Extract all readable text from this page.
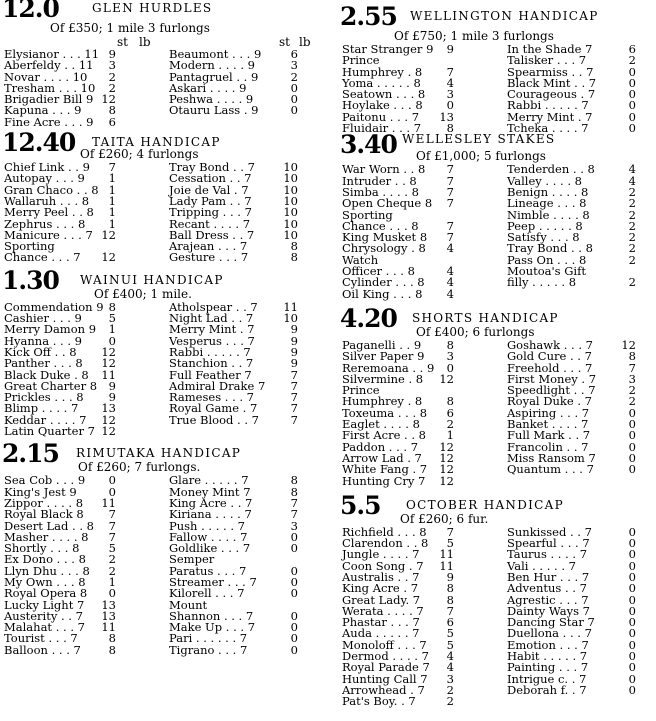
12.0	GLEN HURDLES
Of £350; 1 mile 3 furlongs
st lb	st lb
Elysianor . . . 11 9	Beaumont . . . 9	6
Aberfeldy . . 11	3	Modern . . . . 9	3
Novar . . . . 10	2	Pantagruel . . 9	2
Tresham . . . 10	2	Askari . . . . 9	0
Brigadier Bill 9 12	Peshwa . . . . 9	0
Kapuna . . . 9	8	Otauru Lass . 9	0
Fine Acre . . . 9	6
12.40 TAITA HANDICAP
Of £260; 4 furlongs
Chief Link . . 9	7	Tray Bond . . 7 10
Autopay . . . 9	1	Cessation . . 7	10
Gran Chaco . . 8 1	Joie de Val . 7	10
Wallaruh . . . 8	1	Lady Pam . . 7	10
Merry Peel . . 8	1	Tripping . . . 7	10
Zephrus . . . 8	1	Recant . . . . 7	10
Manicure . . . 7 12	Ball Dress . . 7	10
Sporting	Arajean . . . 7	8
Chance . . . 7 12	Gesture . . . 7	8
1.30 WAINUI HANDICAP
Of £400; 1 mile.
Commendation 9 8	Atholspear . . 7 11
Cashier . . . 9	5	Night Lad . . 7	10
Merry Damon 9	1	Merry Mint . 7	9
Hyanna . . . 9	0	Vesperus . . . 7	9
Kick Off . . 8 12	Rabbi . . . . . 7	9
Panther . . . 8 12	Stanchion . . 7	9
Black Duke . 8 11	Full Feather 7	7
Great Charter 8	9	Admiral Drake 7	7
Prickles . . . 8	9	Rameses . . . 7	7
Blimp . . . . 7 13	Royal Game . 7	7
Keddar . . . . 7 12	True Blood . . 7	7
Latin Quarter 7 12
2.15 RIMUTAKA HANDICAP
Of £260; 7 furlongs.
Sea Cob . . . 9	0	Glare . . . . . 7	8
King's Jest 9	0	Money Mint 7	8
Zippor . . . . 8 11	King Acre . . 7	7
Royal Black 8	7	Kiriana . . . . 7	7
Desert Lad . . 8	7	Push . . . . . 7	3
Masher . . . . 8	7	Fallow . . . . 7	0
Shortly . . . 8	5	Goldlike . . . 7	0
Ex Dono . . . 8	2	Semper
Llyn Dhu . . . 8	2	Paratus . . . 7	0
My Own . . . 8	1	Streamer . . . 7	0
Royal Opera 8	0	Kilorell . . . 7	0
Lucky Light 7 13	Mount
Austerity . . 7 13	Shannon . . . 7	0
Malahat . . . 7 11	Make Up . . . 7	0
Tourist . . . 7	8	Pari . . . . . . 7	0
Balloon . . . 7	8	Tigrano . . . 7	0
2.55 WELLINGTON HANDICAP
Of £750; 1 mile 3 furlongs
Star Stranger 9	9	In the Shade 7	6
Prince	Talisker . . . 7	2
Humphrey . 8	7	Spearmiss . . 7	0
Yoma . . . . . 8	4	Black Mint . . 7	0
Seatown . . . 8	3	Courageous . 7	0
Hoylake . . . 8	0	Rabbi . . . . . 7	0
Paitonu . . . 7 13	Merry Mint . 7	0
Fluidair . . . 7	8	Tcheka . . . . 7	0
3.40 WELLESLEY STAKES
Of £1,000; 5 furlongs
War Worn . . 8	7	Tenderden . . 8	4
Intruder . . 8	7	Valley . . . . 8	4
Simba . . . . 8	7	Benign . . . . 8	2
Open Cheque 8	7	Lineage . . . 8	2
Sporting	Nimble . . . . 8	2
Chance . . . 8	7	Peep . . . . . 8	2
King Musket 8	7	Satisfy . . . 8	2
Chrysology . 8	4	Tray Bond . . 8	2
Watch	Pass On . . . 8	2
Officer . . . 8	4	Moutoa's Gift
Cylinder . . . 8	4	filly . . . . . 8	2
Oil King . . . 8	4
4.20 SHORTS HANDICAP
Of £400; 6 furlongs
Paganelli . . 9	8	Goshawk . . . 7 12
Silver Paper 9	3	Gold Cure . . 7	8
Reremoana . . 9	0	Freehold . . . 7	7
Silvermine . 8 12	First Money . 7	3
Prince	Speedlight . . 7	2
Humphrey . 8	8	Royal Duke . 7	2
Toxeuma . . . 8	6	Aspiring . . . 7	0
Eaglet . . . . 8	2	Banket . . . . 7	0
First Acre . . 8	1	Full Mark . . 7	0
Paddon . . . 7 12	Francolin . . 7	0
Arrow Lad . 7 12	Miss Ransom 7	0
White Fang . 7 12	Quantum . . . 7	0
Hunting Cry 7 12
5.5 OCTOBER HANDICAP
Of £260; 6 fur.
Richfield . . . 8	7	Sunkissed . . 7	0
Clarendon . . 8	5	Spearful . . . 7	0
Jungle . . . . 7 11	Taurus . . . . 7	0
Coon Song . 7 11	Vali . . . . . 7	0
Australis . . 7	9	Ben Hur . . . 7	0
King Acre . 7	8	Adventus . . 7	0
Great Lady. 7	8	Agrestic . . . 7	0
Werata . . . . 7	7	Dainty Ways 7	0
Phastar . . . 7	6	Dancing Star 7	0
Auda . . . . . 7	5	Duellona . . . 7	0
Monoloff . . . 7	5	Emotion . . . 7	0
Dermod . . . . 7	4	Habit . . . . . 7	0
Royal Parade 7	4	Painting . . . 7	0
Hunting Call 7	3	Intrigue c. . 7	0
Arrowhead . 7	2	Deborah f. . 7	0
Pat's Boy. . 7	2
